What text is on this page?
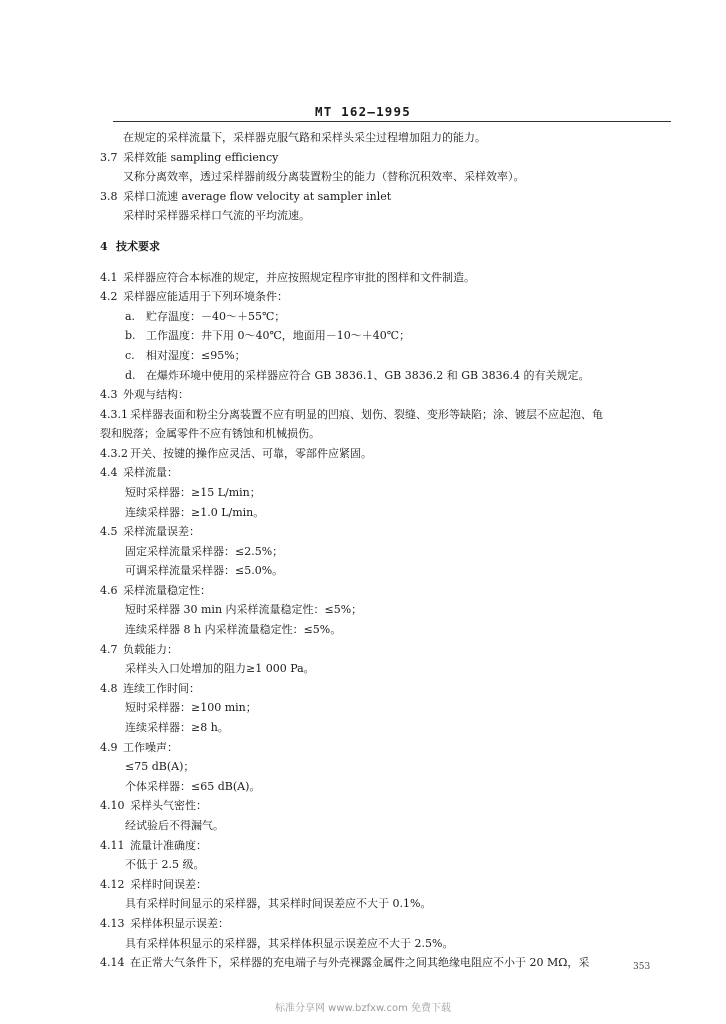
MT 162—1995
在规定的采样流量下，采样器克服气路和采样头采尘过程增加阻力的能力。
3.7 采样效能 sampling efficiency
又称分离效率，透过采样器前级分离装置粉尘的能力（替称沉积效率、采样效率）。
3.8 采样口流速 average flow velocity at sampler inlet
采样时采样器采样口气流的平均流速。
4 技术要求
4.1 采样器应符合本标准的规定，并应按照规定程序审批的图样和文件制造。
4.2 采样器应能适用于下列环境条件：
a. 贮存温度：－40～＋55℃；
b. 工作温度：井下用 0～40℃，地面用－10～＋40℃；
c. 相对湿度：≤95%；
d. 在爆炸环境中使用的采样器应符合 GB 3836.1、GB 3836.2 和 GB 3836.4 的有关规定。
4.3 外观与结构：
4.3.1 采样器表面和粉尘分离装置不应有明显的凹痕、划伤、裂缝、变形等缺陷；涂、镀层不应起泡、龟
裂和脱落；金属零件不应有锈蚀和机械损伤。
4.3.2 开关、按键的操作应灵活、可靠，零部件应紧固。
4.4 采样流量：
短时采样器：≥15 L/min；
连续采样器：≥1.0 L/min。
4.5 采样流量误差：
固定采样流量采样器：≤2.5%；
可调采样流量采样器：≤5.0%。
4.6 采样流量稳定性：
短时采样器 30 min 内采样流量稳定性：≤5%；
连续采样器 8 h 内采样流量稳定性：≤5%。
4.7 负载能力：
采样头入口处增加的阻力≥1 000 Pa。
4.8 连续工作时间：
短时采样器：≥100 min；
连续采样器：≥8 h。
4.9 工作噪声：
≤75 dB(A)；
个体采样器：≤65 dB(A)。
4.10 采样头气密性：
经试验后不得漏气。
4.11 流量计准确度：
不低于 2.5 级。
4.12 采样时间误差：
具有采样时间显示的采样器，其采样时间误差应不大于 0.1%。
4.13 采样体积显示误差：
具有采样体积显示的采样器，其采样体积显示误差应不大于 2.5%。
4.14 在正常大气条件下，采样器的充电端子与外壳裸露金属件之间其绝缘电阻应不小于 20 MΩ，采	353
标准分享网 www.bzfxw.com 免费下载
